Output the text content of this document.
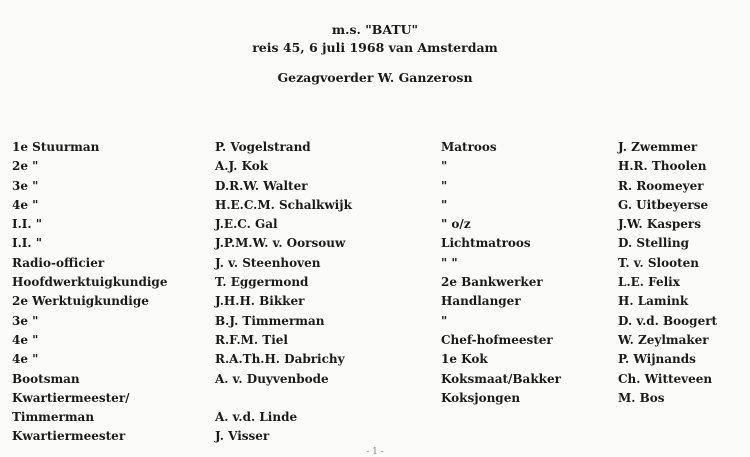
m.s. "BATU"
reis 45, 6 juli 1968 van Amsterdam
Gezagvoerder W. Ganzerosn
1e Stuurman
2e "
3e "
4e "
I.I. "
I.I. "
Radio-officier
Hoofdwerktuigkundige
2e Werktuigkundige
3e "
4e "
4e "
Bootsman
Kwartiermeester/
Timmerman
Kwartiermeester
P. Vogelstrand
A.J. Kok
D.R.W. Walter
H.E.C.M. Schalkwijk
J.E.C. Gal
J.P.M.W. v. Oorsouw
J. v. Steenhoven
T. Eggermond
J.H.H. Bikker
B.J. Timmerman
R.F.M. Tiel
R.A.Th.H. Dabrichy
A. v. Duyvenbode
A. v.d. Linde
J. Visser
Matroos
"
"
"
" o/z
Lichtmatroos
" "
2e Bankwerker
Handlanger
"
Chef-hofmeester
1e Kok
Koksmaat/Bakker
Koksjongen
J. Zwemmer
H.R. Thoolen
R. Roomeyer
G. Uitbeyerse
J.W. Kaspers
D. Stelling
T. v. Slooten
L.E. Felix
H. Lamink
D. v.d. Boogert
W. Zeylmaker
P. Wijnands
Ch. Witteveen
M. Bos
- 1 -
